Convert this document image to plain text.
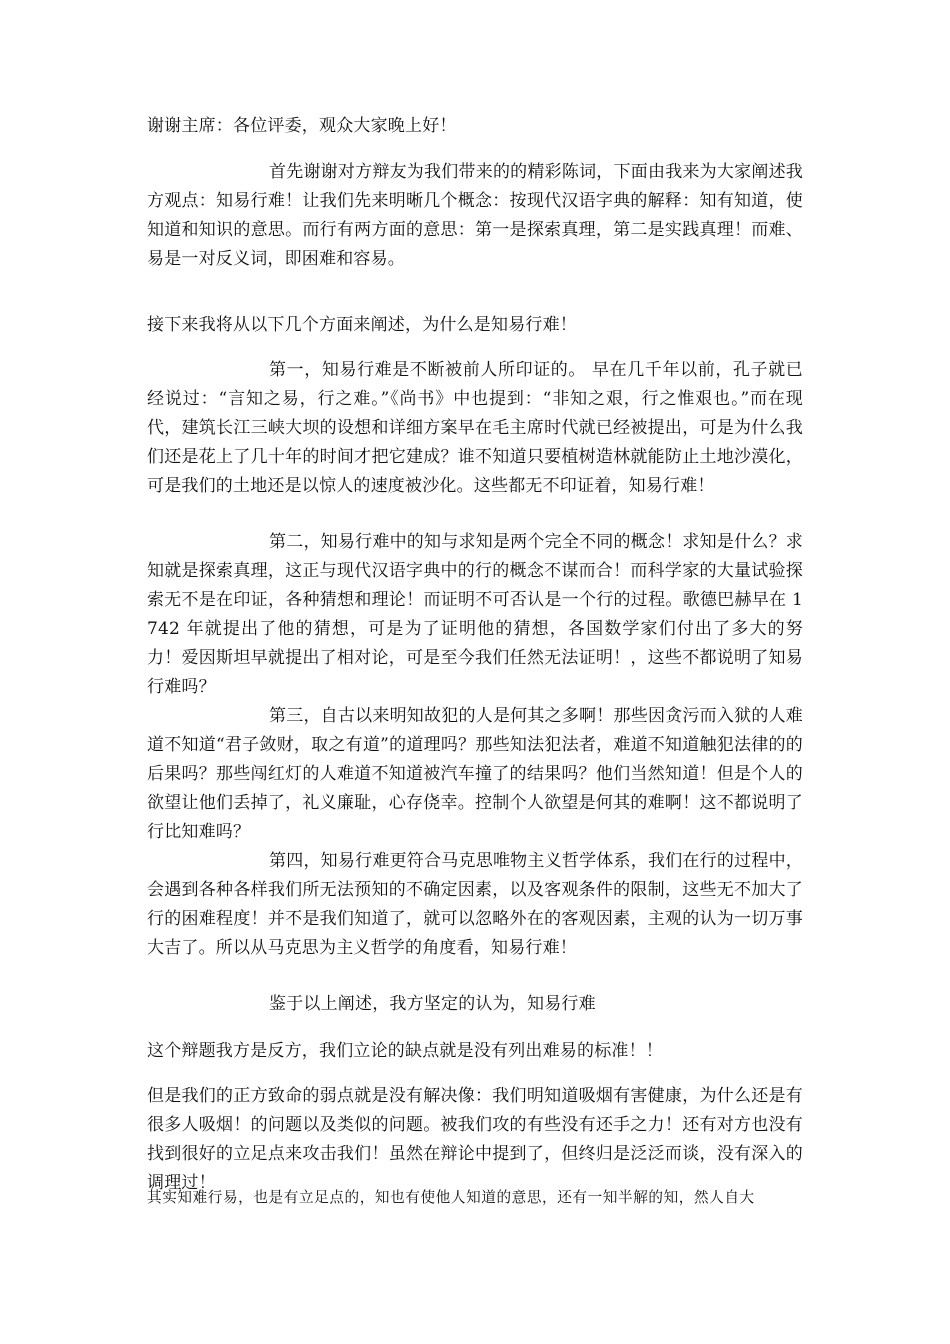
谢谢主席：各位评委，观众大家晚上好！

首先谢谢对方辩友为我们带来的的精彩陈词，下面由我来为大家阐述我方观点：知易行难！让我们先来明晰几个概念：按现代汉语字典的解释：知有知道，使知道和知识的意思。而行有两方面的意思：第一是探索真理，第二是实践真理！而难、易是一对反义词，即困难和容易。

接下来我将从以下几个方面来阐述，为什么是知易行难！

第一，知易行难是不断被前人所印证的。 早在几千年以前，孔子就已经说过：“言知之易，行之难。”《尚书》中也提到：“非知之艰，行之惟艰也。”而在现代，建筑长江三峡大坝的设想和详细方案早在毛主席时代就已经被提出，可是为什么我们还是花上了几十年的时间才把它建成？谁不知道只要植树造林就能防止土地沙漠化，可是我们的土地还是以惊人的速度被沙化。这些都无不印证着，知易行难！

第二，知易行难中的知与求知是两个完全不同的概念！求知是什么？求知就是探索真理，这正与现代汉语字典中的行的概念不谋而合！而科学家的大量试验探索无不是在印证，各种猜想和理论！而证明不可否认是一个行的过程。歌德巴赫早在 1742 年就提出了他的猜想，可是为了证明他的猜想，各国数学家们付出了多大的努力！爱因斯坦早就提出了相对论，可是至今我们任然无法证明！，这些不都说明了知易行难吗？

第三，自古以来明知故犯的人是何其之多啊！那些因贪污而入狱的人难道不知道“君子敛财，取之有道”的道理吗？那些知法犯法者，难道不知道触犯法律的的后果吗？那些闯红灯的人难道不知道被汽车撞了的结果吗？他们当然知道！但是个人的欲望让他们丢掉了，礼义廉耻，心存侥幸。控制个人欲望是何其的难啊！这不都说明了行比知难吗？

第四，知易行难更符合马克思唯物主义哲学体系，我们在行的过程中，会遇到各种各样我们所无法预知的不确定因素，以及客观条件的限制，这些无不加大了行的困难程度！并不是我们知道了，就可以忽略外在的客观因素，主观的认为一切万事大吉了。所以从马克思为主义哲学的角度看，知易行难！

鉴于以上阐述，我方坚定的认为，知易行难

这个辩题我方是反方，我们立论的缺点就是没有列出难易的标准！！

但是我们的正方致命的弱点就是没有解决像：我们明知道吸烟有害健康，为什么还是有很多人吸烟！的问题以及类似的问题。被我们攻的有些没有还手之力！还有对方也没有找到很好的立足点来攻击我们！虽然在辩论中提到了，但终归是泛泛而谈，没有深入的调理过！

其实知难行易，也是有立足点的，知也有使他人知道的意思，还有一知半解的知，然人自大
